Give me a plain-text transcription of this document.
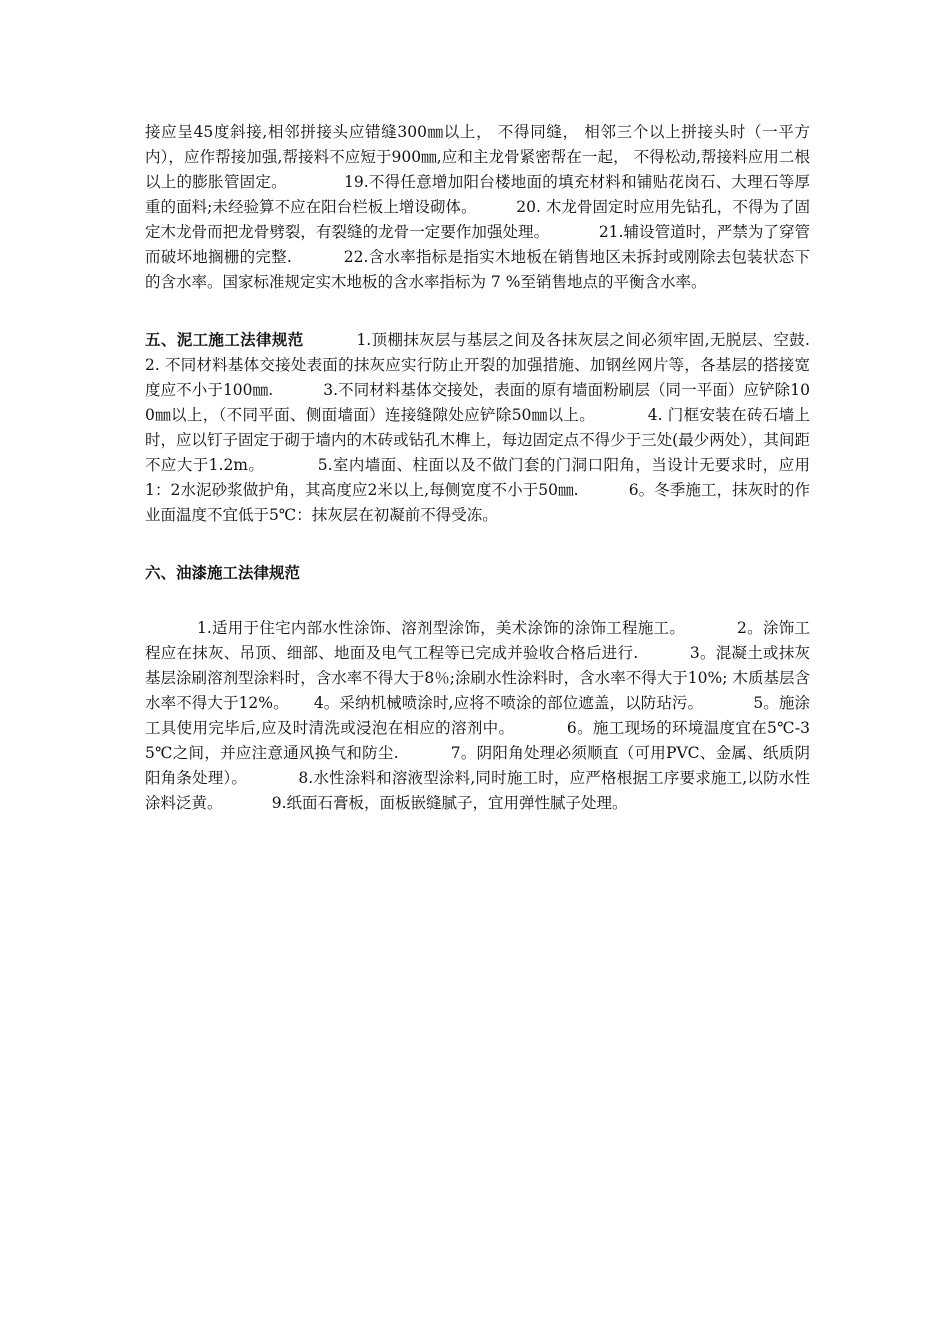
接应呈45度斜接,相邻拼接头应错缝300㎜以上， 不得同缝， 相邻三个以上拼接头时（一平方内），应作帮接加强,帮接料不应短于900㎜,应和主龙骨紧密帮在一起， 不得松动,帮接料应用二根以上的膨胀管固定。           19.不得任意增加阳台楼地面的填充材料和铺贴花岗石、大理石等厚重的面料;未经验算不应在阳台栏板上增设砌体。        20. 木龙骨固定时应用先钻孔，不得为了固定木龙骨而把龙骨劈裂，有裂缝的龙骨一定要作加强处理。          21.辅设管道时，严禁为了穿管而破坏地搁栅的完整.          22.含水率指标是指实木地板在销售地区未拆封或刚除去包装状态下的含水率。国家标准规定实木地板的含水率指标为 7 %至销售地点的平衡含水率。

五、泥工施工法律规范          1.顶棚抹灰层与基层之间及各抹灰层之间必须牢固,无脱层、空鼓.          2. 不同材料基体交接处表面的抹灰应实行防止开裂的加强措施、加钢丝网片等，各基层的搭接宽度应不小于100㎜.          3.不同材料基体交接处，表面的原有墙面粉刷层（同一平面）应铲除100㎜以上，（不同平面、侧面墙面）连接缝隙处应铲除50㎜以上。          4. 门框安装在砖石墙上时，应以钉子固定于砌于墙内的木砖或钻孔木榫上，每边固定点不得少于三处(最少两处），其间距不应大于1.2m。          5.室内墙面、柱面以及不做门套的门洞口阳角，当设计无要求时，应用1：2水泥砂浆做护角，其高度应2米以上,每侧宽度不小于50㎜.          6。冬季施工，抹灰时的作业面温度不宜低于5℃：抹灰层在初凝前不得受冻。

六、油漆施工法律规范

1.适用于住宅内部水性涂饰、溶剂型涂饰，美术涂饰的涂饰工程施工。          2。涂饰工程应在抹灰、吊顶、细部、地面及电气工程等已完成并验收合格后进行.          3。混凝土或抹灰基层涂刷溶剂型涂料时，含水率不得大于8％;涂刷水性涂料时，含水率不得大于10%; 木质基层含水率不得大于12%。     4。采纳机械喷涂时,应将不喷涂的部位遮盖，以防玷污。          5。施涂工具使用完毕后,应及时清洗或浸泡在相应的溶剂中。          6。施工现场的环境温度宜在5℃-35℃之间，并应注意通风换气和防尘.          7。阴阳角处理必须顺直（可用PVC、金属、纸质阴阳角条处理）。          8.水性涂料和溶液型涂料,同时施工时，应严格根据工序要求施工,以防水性涂料泛黄。          9.纸面石膏板，面板嵌缝腻子，宜用弹性腻子处理。
